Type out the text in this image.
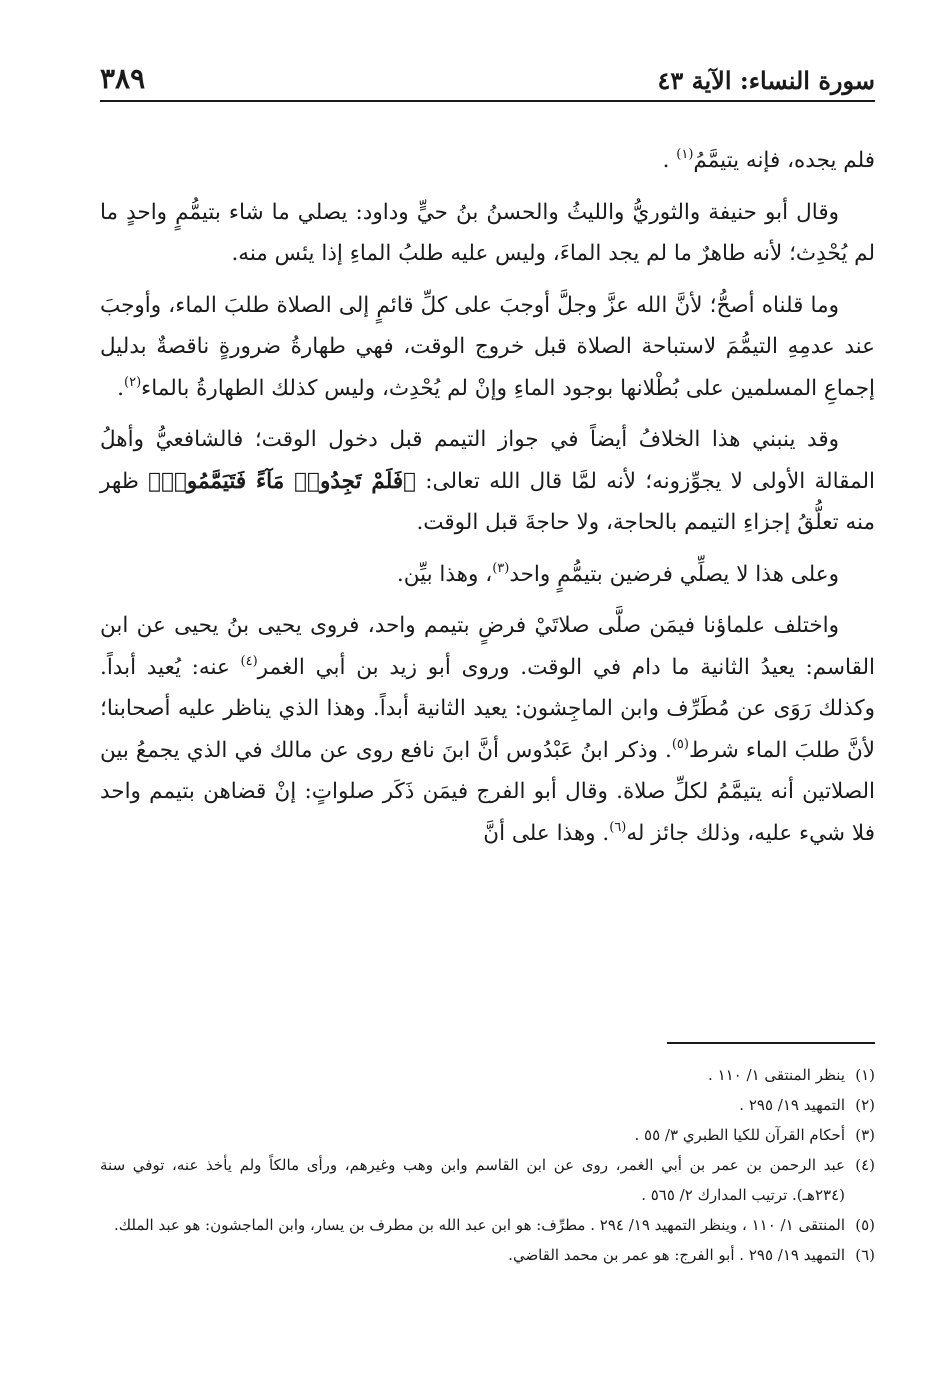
سورة النساء: الآية ٤٣
٣٨٩

فلم يجده، فإنه يتيمَّمُ$^{(١)}$ .

وقال أبو حنيفة والثوريُّ والليثُ والحسنُ بنُ حيٍّ وداود: يصلي ما شاء بتيمُّمٍ واحدٍ ما لم يُحْدِث؛ لأنه طاهرٌ ما لم يجد الماءَ، وليس عليه طلبُ الماءِ إذا يئس منه.

وما قلناه أصحُّ؛ لأنَّ الله عزَّ وجلَّ أوجبَ على كلِّ قائمٍ إلى الصلاة طلبَ الماء، وأوجبَ عند عدمِهِ التيمُّمَ لاستباحة الصلاة قبل خروج الوقت، فهي طهارةُ ضرورةٍ ناقصةٌ بدليل إجماعِ المسلمين على بُطْلانها بوجود الماءِ وإنْ لم يُحْدِث، وليس كذلك الطهارةُ بالماء$^{(٢)}$.

وقد ينبني هذا الخلافُ أيضاً في جواز التيمم قبل دخول الوقت؛ فالشافعيُّ وأهلُ المقالة الأولى لا يجوِّزونه؛ لأنه لمَّا قال الله تعالى: ﴿فَلَمْ تَجِدُوا۟ مَآءً فَتَيَمَّمُوا۟﴾ ظهر منه تعلُّقُ إجزاءِ التيمم بالحاجة، ولا حاجةَ قبل الوقت.

وعلى هذا لا يصلِّي فرضين بتيمُّمٍ واحد$^{(٣)}$، وهذا بيِّن.

واختلف علماؤنا فيمَن صلَّى صلاتَيْ فرضٍ بتيمم واحد، فروى يحيى بنُ يحيى عن ابن القاسم: يعيدُ الثانية ما دام في الوقت. وروى أبو زيد بن أبي الغمر$^{(٤)}$ عنه: يُعيد أبداً. وكذلك رَوَى عن مُطَرِّف وابن الماجِشون: يعيد الثانية أبداً. وهذا الذي يناظر عليه أصحابنا؛ لأنَّ طلبَ الماء شرط$^{(٥)}$. وذكر ابنُ عَبْدُوس أنَّ ابنَ نافع روى عن مالك في الذي يجمعُ بين الصلاتين أنه يتيمَّمُ لكلِّ صلاة. وقال أبو الفرج فيمَن ذَكَر صلواتٍ: إنْ قضاهن بتيمم واحد فلا شيء عليه، وذلك جائز له$^{(٦)}$. وهذا على أنَّ

(١)
ينظر المنتقى ١/ ١١٠ .

(٢)
التمهيد ١٩/ ٢٩٥ .

(٣)
أحكام القرآن للكيا الطبري ٣/ ٥٥ .

(٤)
عبد الرحمن بن عمر بن أبي الغمر، روى عن ابن القاسم وابن وهب وغيرهم، ورأى مالكاً ولم يأخذ عنه، توفي سنة (٢٣٤هـ). ترتيب المدارك ٢/ ٥٦٥ .

(٥)
المنتقى ١/ ١١٠ ، وينظر التمهيد ١٩/ ٢٩٤ . مطرِّف: هو ابن عبد الله بن مطرف بن يسار، وابن الماجشون: هو عبد الملك.

(٦)
التمهيد ١٩/ ٢٩٥ . أبو الفرج: هو عمر بن محمد القاضي.
